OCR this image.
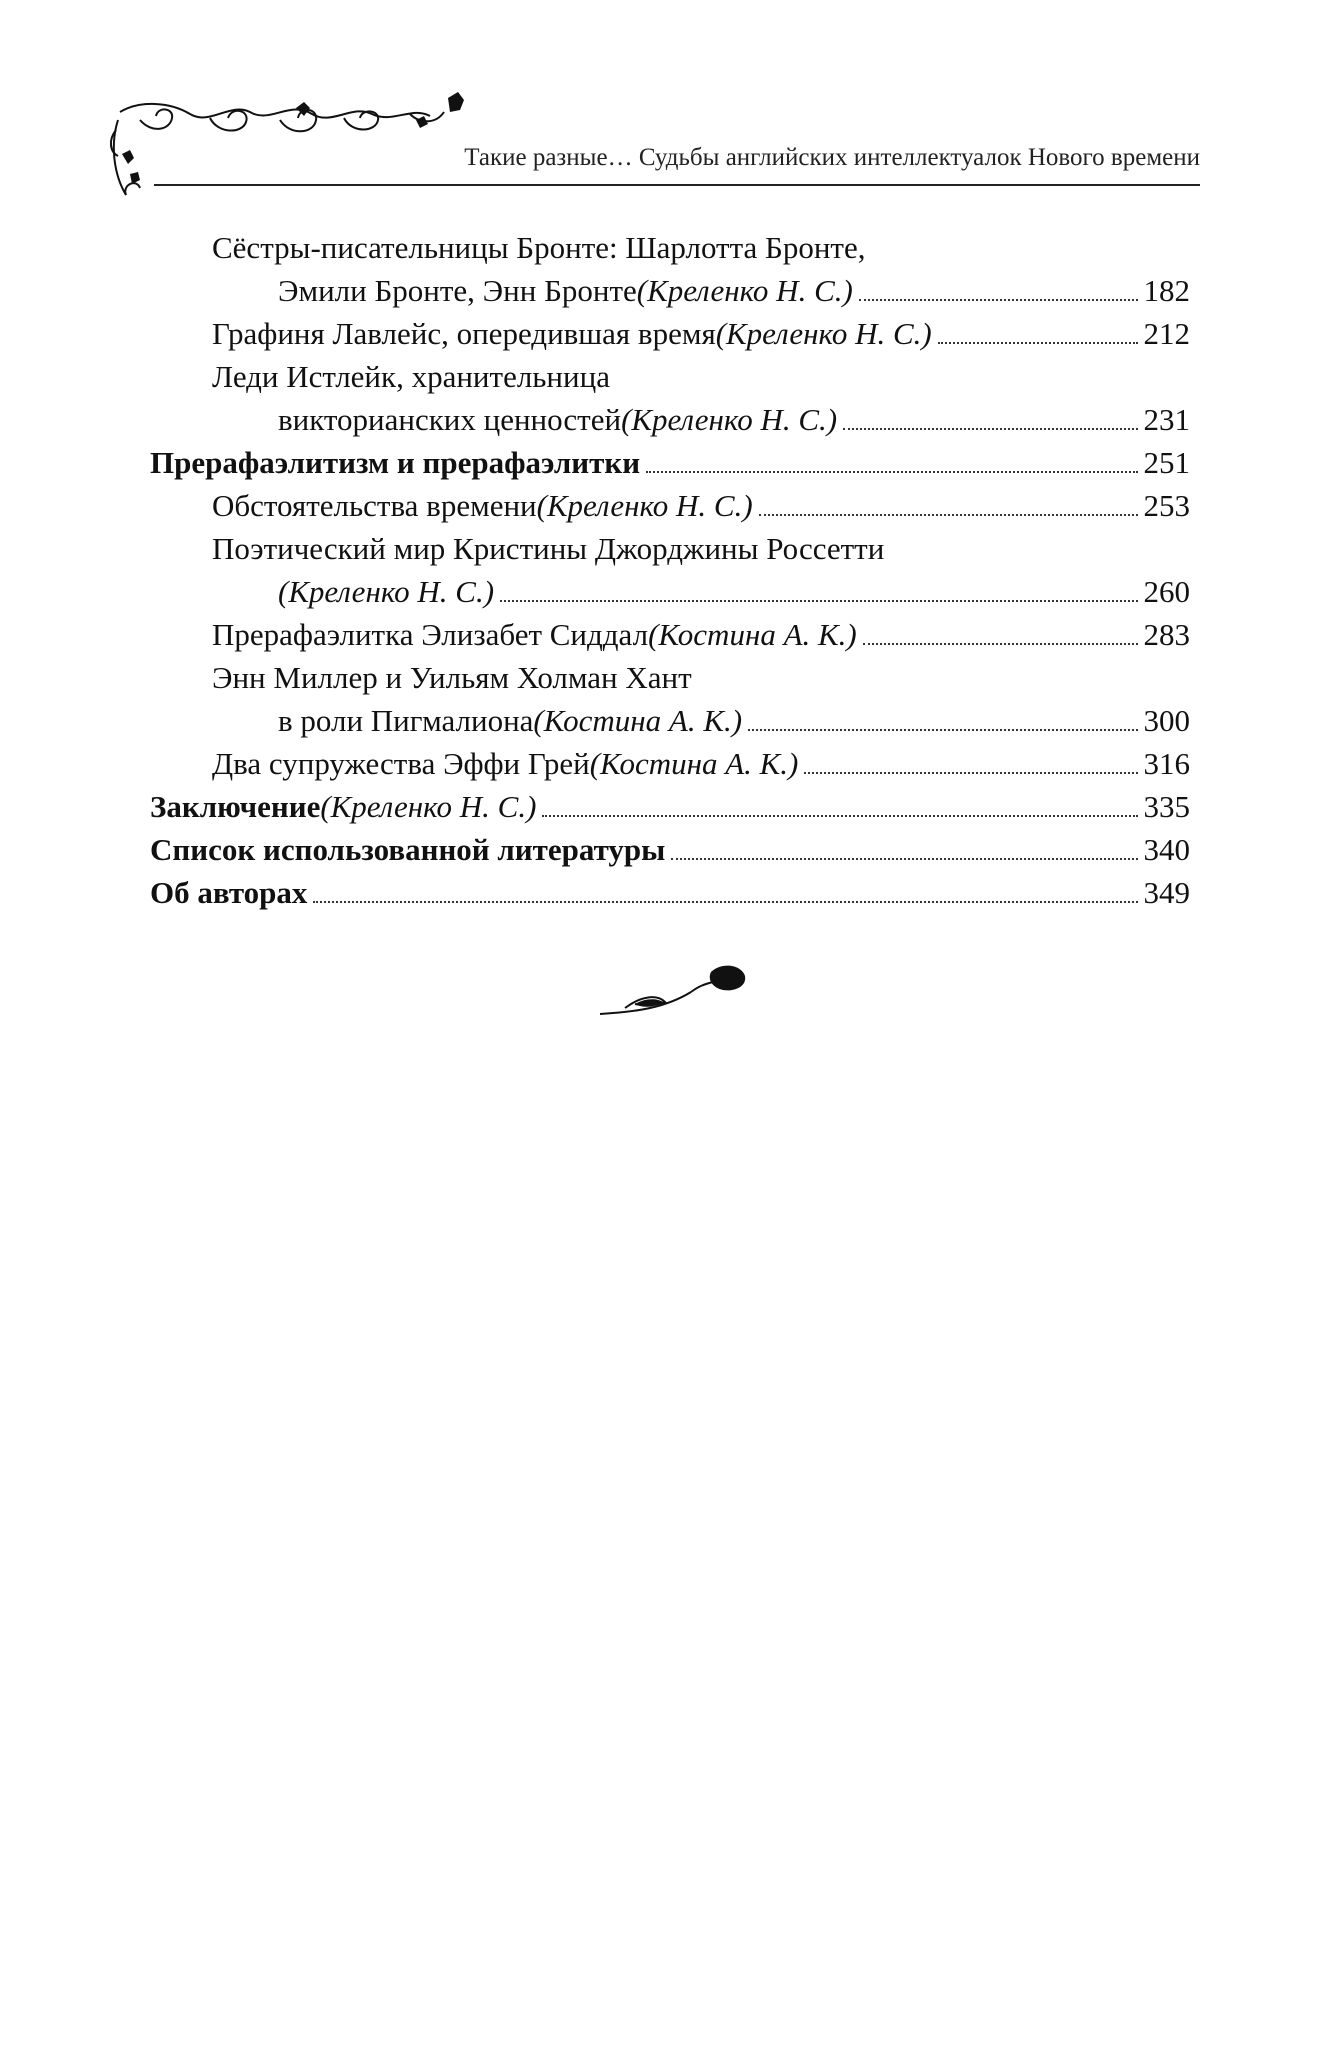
Такие разные… Судьбы английских интеллектуалок Нового времени
Сёстры-писательницы Бронте: Шарлотта Бронте,
Эмили Бронте, Энн Бронте (Креленко Н. С.)	182
Графиня Лавлейс, опередившая время (Креленко Н. С.)	212
Леди Истлейк, хранительница
викторианских ценностей (Креленко Н. С.)	231
Прерафаэлитизм и прерафаэлитки	251
Обстоятельства времени (Креленко Н. С.)	253
Поэтический мир Кристины Джорджины Россетти
(Креленко Н. С.)	260
Прерафаэлитка Элизабет Сиддал (Костина А. К.)	283
Энн Миллер и Уильям Холман Хант
в роли Пигмалиона (Костина А. К.)	300
Два супружества Эффи Грей (Костина А. К.)	316
Заключение (Креленко Н. С.)	335
Список использованной литературы	340
Об авторах	349
